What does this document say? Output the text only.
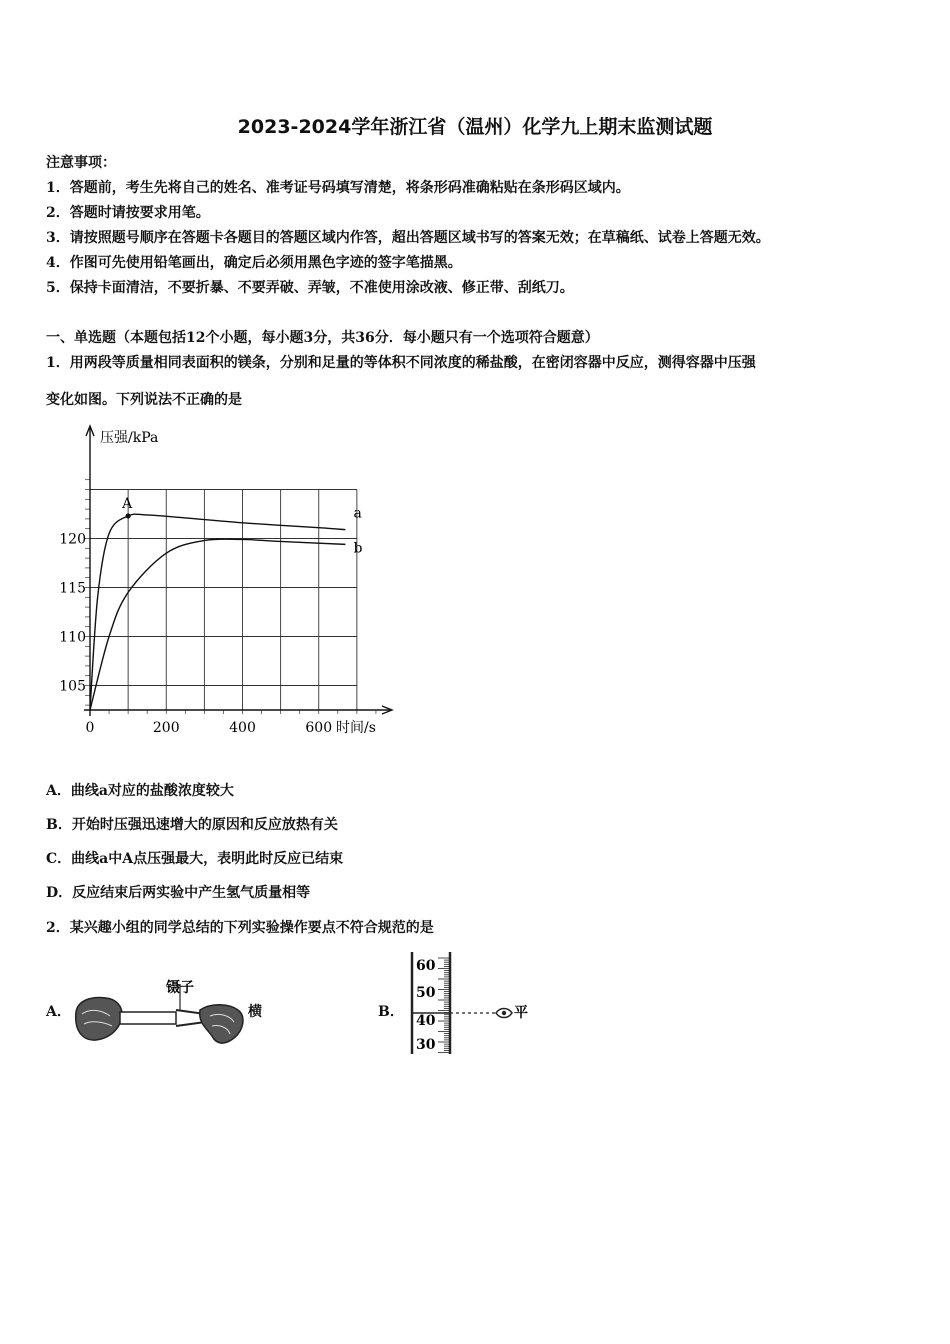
2023-2024学年浙江省（温州）化学九上期末监测试题
注意事项：
1．答题前，考生先将自己的姓名、准考证号码填写清楚，将条形码准确粘贴在条形码区域内。
2．答题时请按要求用笔。
3．请按照题号顺序在答题卡各题目的答题区域内作答，超出答题区域书写的答案无效；在草稿纸、试卷上答题无效。
4．作图可先使用铅笔画出，确定后必须用黑色字迹的签字笔描黑。
5．保持卡面清洁，不要折暴、不要弄破、弄皱，不准使用涂改液、修正带、刮纸刀。
一、单选题（本题包括12个小题，每小题3分，共36分．每小题只有一个选项符合题意）
1．用两段等质量相同表面积的镁条，分别和足量的等体积不同浓度的稀盐酸，在密闭容器中反应，测得容器中压强
变化如图。下列说法不正确的是
0	200	400	600
105
110
115
120
压强/kPa
时间/s
a
b
A
A．曲线a对应的盐酸浓度较大
B．开始时压强迅速增大的原因和反应放热有关
C．曲线a中A点压强最大，表明此时反应已结束
D．反应结束后两实验中产生氢气质量相等
2．某兴趣小组的同学总结的下列实验操作要点不符合规范的是
A．
镊子
横	B．
60
50
40
30
平
